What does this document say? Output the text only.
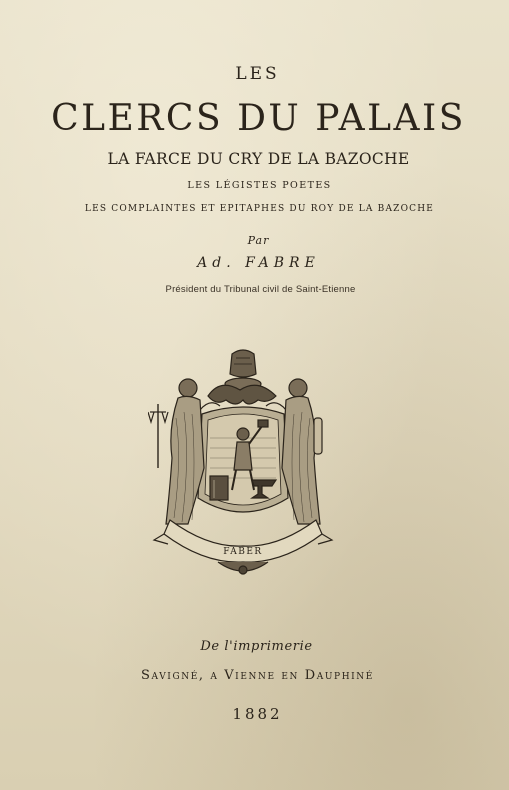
LES
CLERCS DU PALAIS
LA FARCE DU CRY DE LA BAZOCHE
LES LÉGISTES POETES
LES COMPLAINTES ET EPITAPHES DU ROY DE LA BAZOCHE
Par
Ad. FABRE
Président du Tribunal civil de Saint-Etienne
FABER
De l'imprimerie
Savigné, a Vienne en Dauphiné
1882
